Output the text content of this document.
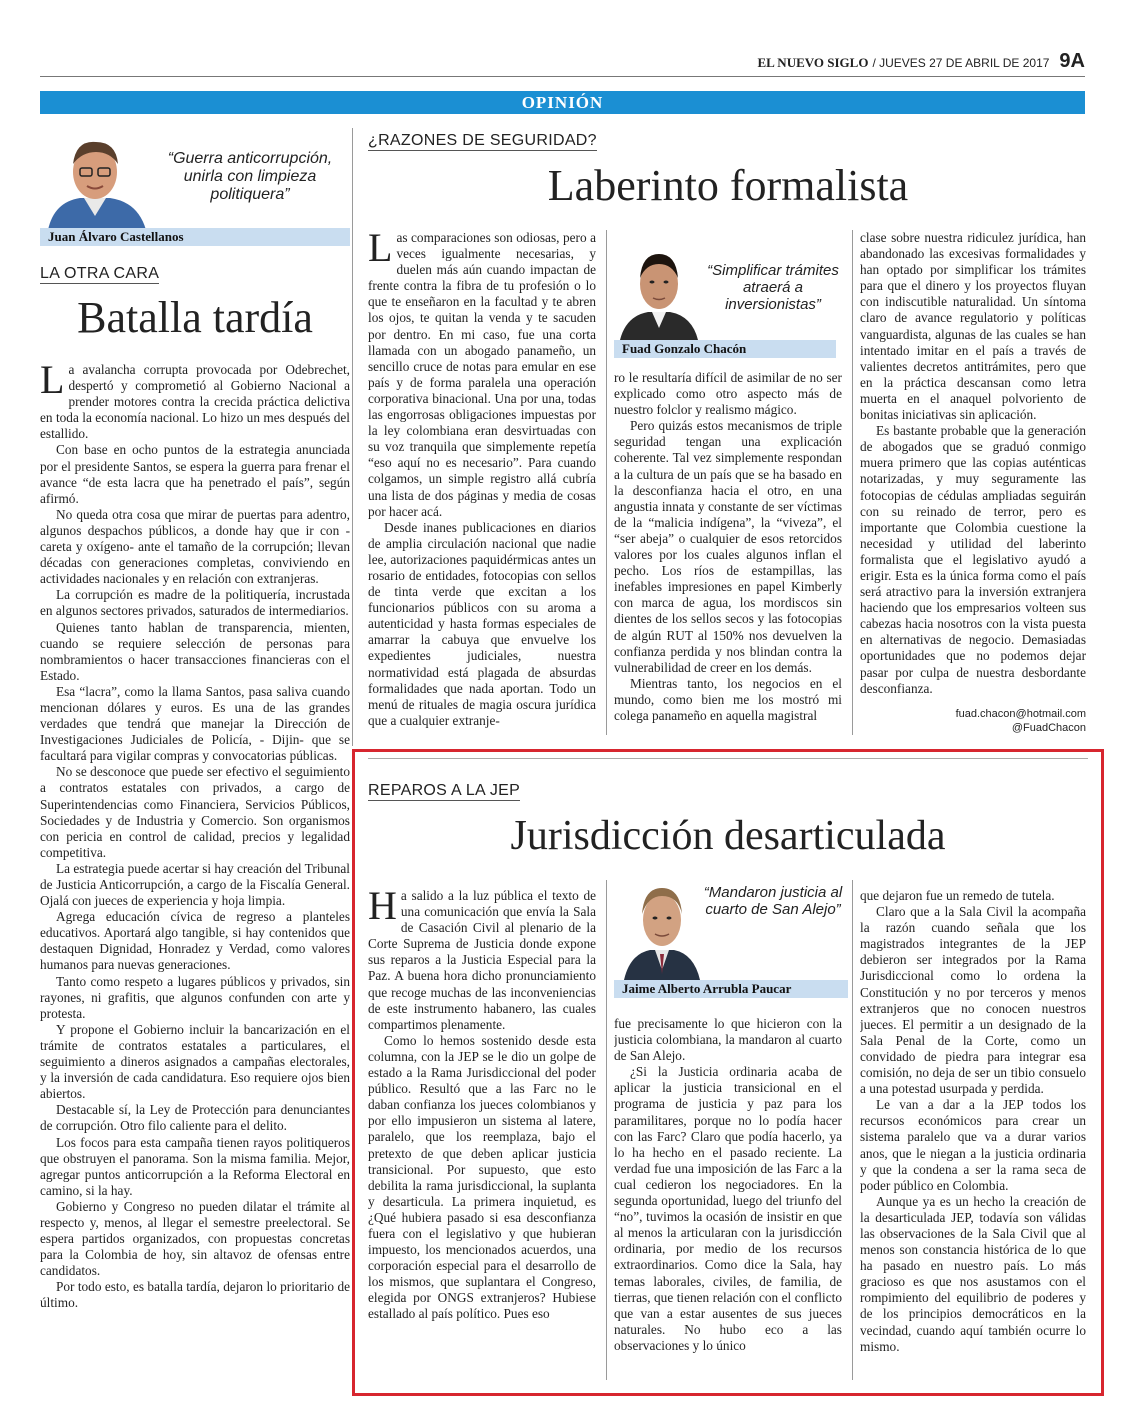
EL NUEVO SIGLO / JUEVES 27 DE ABRIL DE 2017 9A
OPINIÓN
“Guerra anticorrupción, unirla con limpieza politiquera”
Juan Álvaro Castellanos
LA OTRA CARA
Batalla tardía
L a avalancha corrupta provocada por Odebrechet, despertó y comprometió al Gobierno Nacional a prender motores contra la crecida práctica delictiva en toda la economía nacional. Lo hizo un mes después del estallido.

Con base en ocho puntos de la estrategia anunciada por el presidente Santos, se espera la guerra para frenar el avance “de esta lacra que ha penetrado el país”, según afirmó.

No queda otra cosa que mirar de puertas para adentro, algunos despachos públicos, a donde hay que ir con -careta y oxígeno- ante el tamaño de la corrupción; llevan décadas con generaciones completas, conviviendo en actividades nacionales y en relación con extranjeras.

La corrupción es madre de la politiquería, incrustada en algunos sectores privados, saturados de intermediarios.

Quienes tanto hablan de transparencia, mienten, cuando se requiere selección de personas para nombramientos o hacer transacciones financieras con el Estado.

Esa “lacra”, como la llama Santos, pasa saliva cuando mencionan dólares y euros. Es una de las grandes verdades que tendrá que manejar la Dirección de Investigaciones Judiciales de Policía, - Dijin- que se facultará para vigilar compras y convocatorias públicas.

No se desconoce que puede ser efectivo el seguimiento a contratos estatales con privados, a cargo de Superintendencias como Financiera, Servicios Públicos, Sociedades y de Industria y Comercio. Son organismos con pericia en control de calidad, precios y legalidad competitiva.

La estrategia puede acertar si hay creación del Tribunal de Justicia Anticorrupción, a cargo de la Fiscalía General. Ojalá con jueces de experiencia y hoja limpia.

Agrega educación cívica de regreso a planteles educativos. Aportará algo tangible, si hay contenidos que destaquen Dignidad, Honradez y Verdad, como valores humanos para nuevas generaciones.

Tanto como respeto a lugares públicos y privados, sin rayones, ni grafitis, que algunos confunden con arte y protesta.

Y propone el Gobierno incluir la bancarización en el trámite de contratos estatales a particulares, el seguimiento a dineros asignados a campañas electorales, y la inversión de cada candidatura. Eso requiere ojos bien abiertos.

Destacable sí, la Ley de Protección para denunciantes de corrupción. Otro filo caliente para el delito.

Los focos para esta campaña tienen rayos politiqueros que obstruyen el panorama. Son la misma familia. Mejor, agregar puntos anticorrupción a la Reforma Electoral en camino, si la hay.

Gobierno y Congreso no pueden dilatar el trámite al respecto y, menos, al llegar el semestre preelectoral. Se espera partidos organizados, con propuestas concretas para la Colombia de hoy, sin altavoz de ofensas entre candidatos.

Por todo esto, es batalla tardía, dejaron lo prioritario de último.

¿RAZONES DE SEGURIDAD?
Laberinto formalista
L as comparaciones son odiosas, pero a veces igualmente necesarias, y duelen más aún cuando impactan de frente contra la fibra de tu profesión o lo que te enseñaron en la facultad y te abren los ojos, te quitan la venda y te sacuden por dentro. En mi caso, fue una corta llamada con un abogado panameño, un sencillo cruce de notas para emular en ese país y de forma paralela una operación corporativa binacional. Una por una, todas las engorrosas obligaciones impuestas por la ley colombiana eran desvirtuadas con su voz tranquila que simplemente repetía “eso aquí no es necesario”. Para cuando colgamos, un simple registro allá cubría una lista de dos páginas y media de cosas por hacer acá.

Desde inanes publicaciones en diarios de amplia circulación nacional que nadie lee, autorizaciones paquidérmicas antes un rosario de entidades, fotocopias con sellos de tinta verde que excitan a los funcionarios públicos con su aroma a autenticidad y hasta formas especiales de amarrar la cabuya que envuelve los expedientes judiciales, nuestra normatividad está plagada de absurdas formalidades que nada aportan. Todo un menú de rituales de magia oscura jurídica que a cualquier extranje-

“Simplificar trámites atraerá a inversionistas”
Fuad Gonzalo Chacón

ro le resultaría difícil de asimilar de no ser explicado como otro aspecto más de nuestro folclor y realismo mágico.

Pero quizás estos mecanismos de triple seguridad tengan una explicación coherente. Tal vez simplemente respondan a la cultura de un país que se ha basado en la desconfianza hacia el otro, en una angustia innata y constante de ser víctimas de la “malicia indígena”, la “viveza”, el “ser abeja” o cualquier de esos retorcidos valores por los cuales algunos inflan el pecho. Los ríos de estampillas, las inefables impresiones en papel Kimberly con marca de agua, los mordiscos sin dientes de los sellos secos y las fotocopias de algún RUT al 150% nos devuelven la confianza perdida y nos blindan contra la vulnerabilidad de creer en los demás.

Mientras tanto, los negocios en el mundo, como bien me los mostró mi colega panameño en aquella magistral

clase sobre nuestra ridiculez jurídica, han abandonado las excesivas formalidades y han optado por simplificar los trámites para que el dinero y los proyectos fluyan con indiscutible naturalidad. Un síntoma claro de avance regulatorio y políticas vanguardista, algunas de las cuales se han intentado imitar en el país a través de valientes decretos antitrámites, pero que en la práctica descansan como letra muerta en el anaquel polvoriento de bonitas iniciativas sin aplicación.

Es bastante probable que la generación de abogados que se graduó conmigo muera primero que las copias auténticas notarizadas, y muy seguramente las fotocopias de cédulas ampliadas seguirán con su reinado de terror, pero es importante que Colombia cuestione la necesidad y utilidad del laberinto formalista que el legislativo ayudó a erigir. Esta es la única forma como el país será atractivo para la inversión extranjera haciendo que los empresarios volteen sus cabezas hacia nosotros con la vista puesta en alternativas de negocio. Demasiadas oportunidades que no podemos dejar pasar por culpa de nuestra desbordante desconfianza.

fuad.chacon@hotmail.com
@FuadChacon
REPAROS A LA JEP
Jurisdicción desarticulada
H a salido a la luz pública el texto de una comunicación que envía la Sala de Casación Civil al plenario de la Corte Suprema de Justicia donde expone sus reparos a la Justicia Especial para la Paz. A buena hora dicho pronunciamiento que recoge muchas de las inconveniencias de este instrumento habanero, las cuales compartimos plenamente.

Como lo hemos sostenido desde esta columna, con la JEP se le dio un golpe de estado a la Rama Jurisdiccional del poder público. Resultó que a las Farc no le daban confianza los jueces colombianos y por ello impusieron un sistema al latere, paralelo, que los reemplaza, bajo el pretexto de que deben aplicar justicia transicional. Por supuesto, que esto debilita la rama jurisdiccional, la suplanta y desarticula. La primera inquietud, es ¿Qué hubiera pasado si esa desconfianza fuera con el legislativo y que hubieran impuesto, los mencionados acuerdos, una corporación especial para el desarrollo de los mismos, que suplantara el Congreso, elegida por ONGS extranjeros? Hubiese estallado al país político. Pues eso

“Mandaron justicia al cuarto de San Alejo”
Jaime Alberto Arrubla Paucar

fue precisamente lo que hicieron con la justicia colombiana, la mandaron al cuarto de San Alejo.

¿Si la Justicia ordinaria acaba de aplicar la justicia transicional en el programa de justicia y paz para los paramilitares, porque no lo podía hacer con las Farc? Claro que podía hacerlo, ya lo ha hecho en el pasado reciente. La verdad fue una imposición de las Farc a la cual cedieron los negociadores. En la segunda oportunidad, luego del triunfo del “no”, tuvimos la ocasión de insistir en que al menos la articularan con la jurisdicción ordinaria, por medio de los recursos extraordinarios. Como dice la Sala, hay temas laborales, civiles, de familia, de tierras, que tienen relación con el conflicto que van a estar ausentes de sus jueces naturales. No hubo eco a las observaciones y lo único

que dejaron fue un remedo de tutela.

Claro que a la Sala Civil la acompaña la razón cuando señala que los magistrados integrantes de la JEP debieron ser integrados por la Rama Jurisdiccional como lo ordena la Constitución y no por terceros y menos extranjeros que no conocen nuestros jueces. El permitir a un designado de la Sala Penal de la Corte, como un convidado de piedra para integrar esa comisión, no deja de ser un tibio consuelo a una potestad usurpada y perdida.

Le van a dar a la JEP todos los recursos económicos para crear un sistema paralelo que va a durar varios anos, que le niegan a la justicia ordinaria y que la condena a ser la rama seca de poder público en Colombia.

Aunque ya es un hecho la creación de la desarticulada JEP, todavía son válidas las observaciones de la Sala Civil que al menos son constancia histórica de lo que ha pasado en nuestro país. Lo más gracioso es que nos asustamos con el rompimiento del equilibrio de poderes y de los principios democráticos en la vecindad, cuando aquí también ocurre lo mismo.
